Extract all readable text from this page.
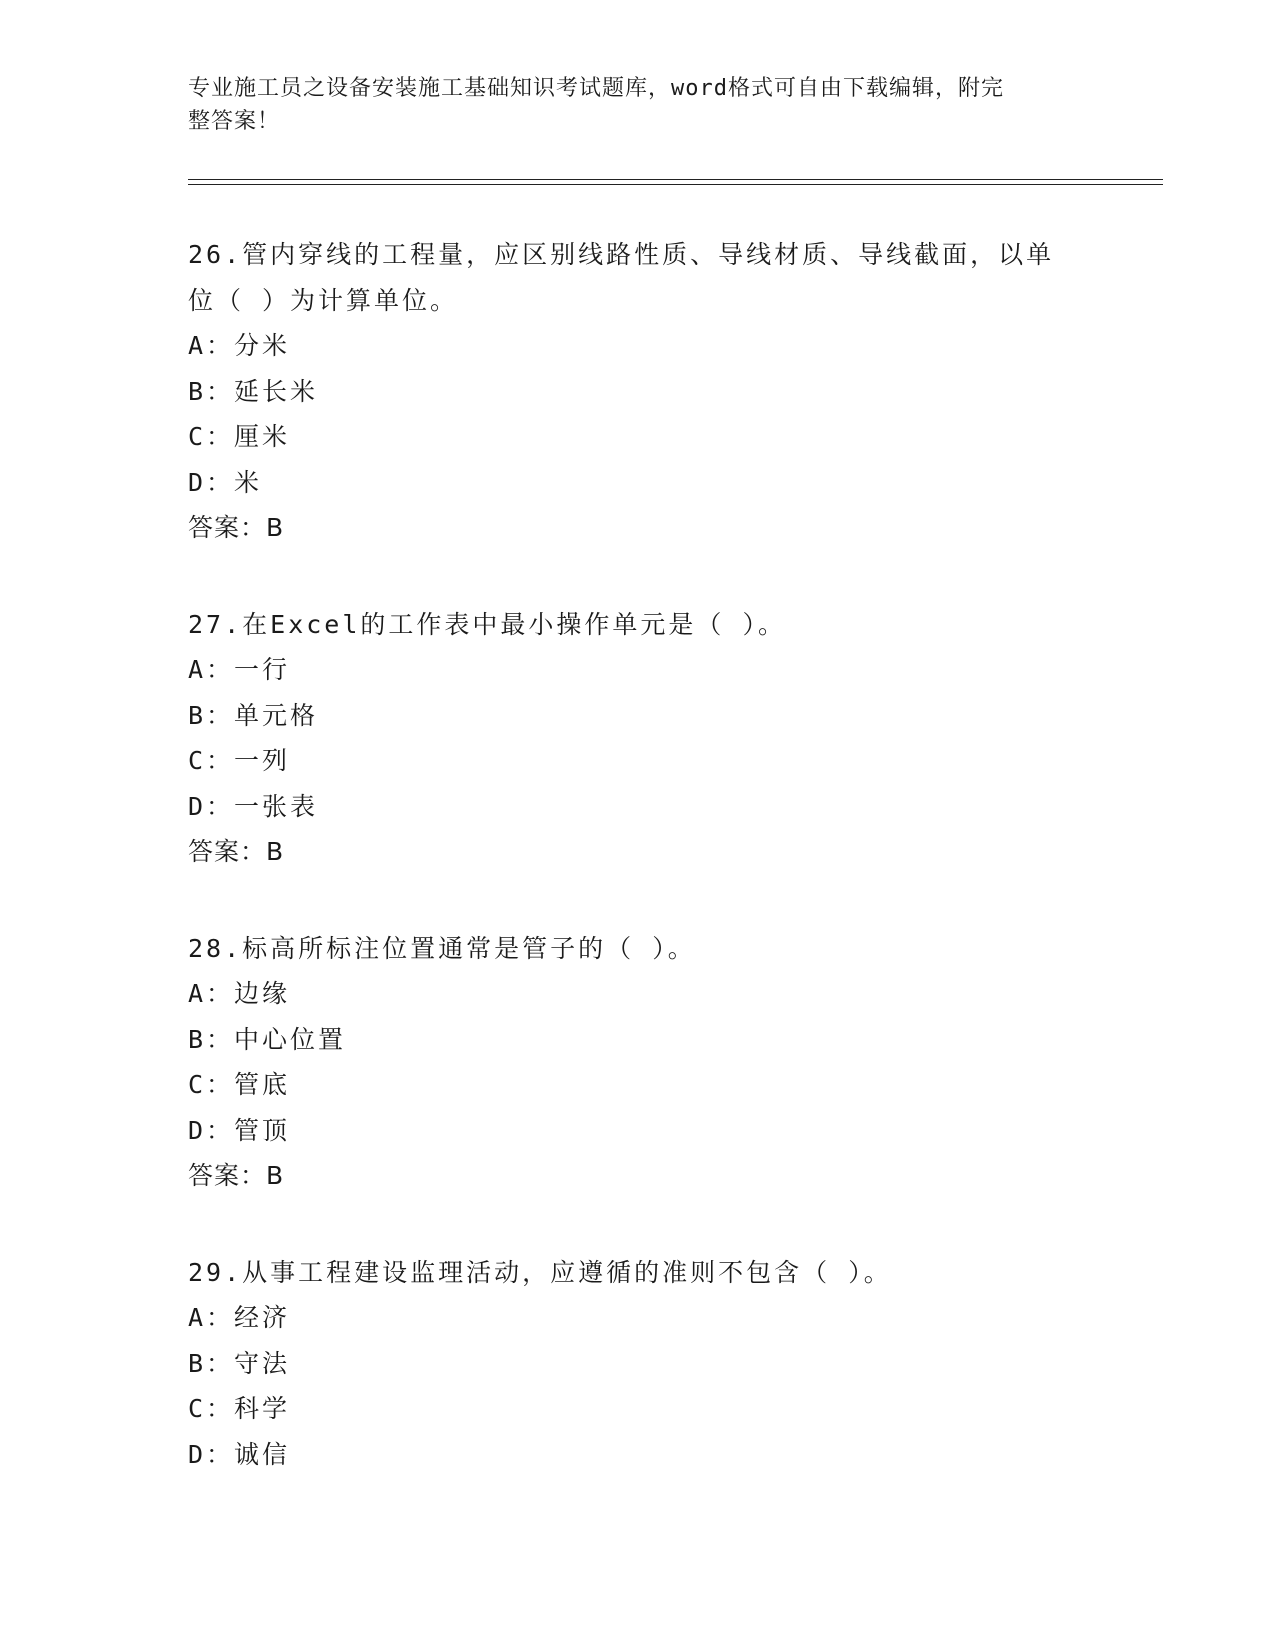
专业施工员之设备安装施工基础知识考试题库，word格式可自由下载编辑，附完
整答案！
26.管内穿线的工程量，应区别线路性质、导线材质、导线截面，以单
位（ ）为计算单位。
A：分米
B：延长米
C：厘米
D：米
答案：B
27.在Excel的工作表中最小操作单元是（ ）。
A：一行
B：单元格
C：一列
D：一张表
答案：B
28.标高所标注位置通常是管子的（ ）。
A：边缘
B：中心位置
C：管底
D：管顶
答案：B
29.从事工程建设监理活动，应遵循的准则不包含（ ）。
A：经济
B：守法
C：科学
D：诚信
